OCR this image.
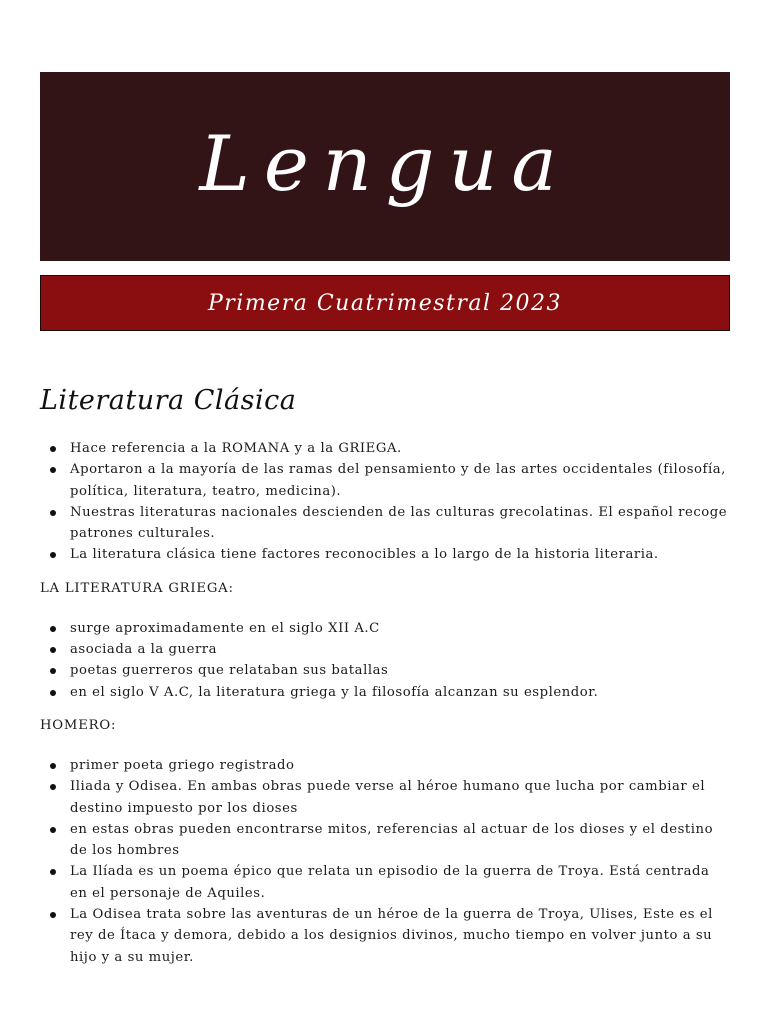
Lengua
Primera Cuatrimestral 2023
Literatura Clásica
Hace referencia a la ROMANA y a la GRIEGA.
Aportaron a la mayoría de las ramas del pensamiento y de las artes occidentales (filosofía, política, literatura, teatro, medicina).
Nuestras literaturas nacionales descienden de las culturas grecolatinas. El español recoge patrones culturales.
La literatura clásica tiene factores reconocibles a lo largo de la historia literaria.
LA LITERATURA GRIEGA:
surge aproximadamente en el siglo XII A.C
asociada a la guerra
poetas guerreros que relataban sus batallas
en el siglo V A.C, la literatura griega y la filosofía alcanzan su esplendor.
HOMERO:
primer poeta griego registrado
Iliada y Odisea. En ambas obras puede verse al héroe humano que lucha por cambiar el destino impuesto por los dioses
en estas obras pueden encontrarse mitos, referencias al actuar de los dioses y el destino de los hombres
La Ilíada es un poema épico que relata un episodio de la guerra de Troya. Está centrada en el personaje de Aquiles.
La Odisea trata sobre las aventuras de un héroe de la guerra de Troya, Ulises, Este es el rey de Ítaca y demora, debido a los designios divinos, mucho tiempo en volver junto a su hijo y a su mujer.
